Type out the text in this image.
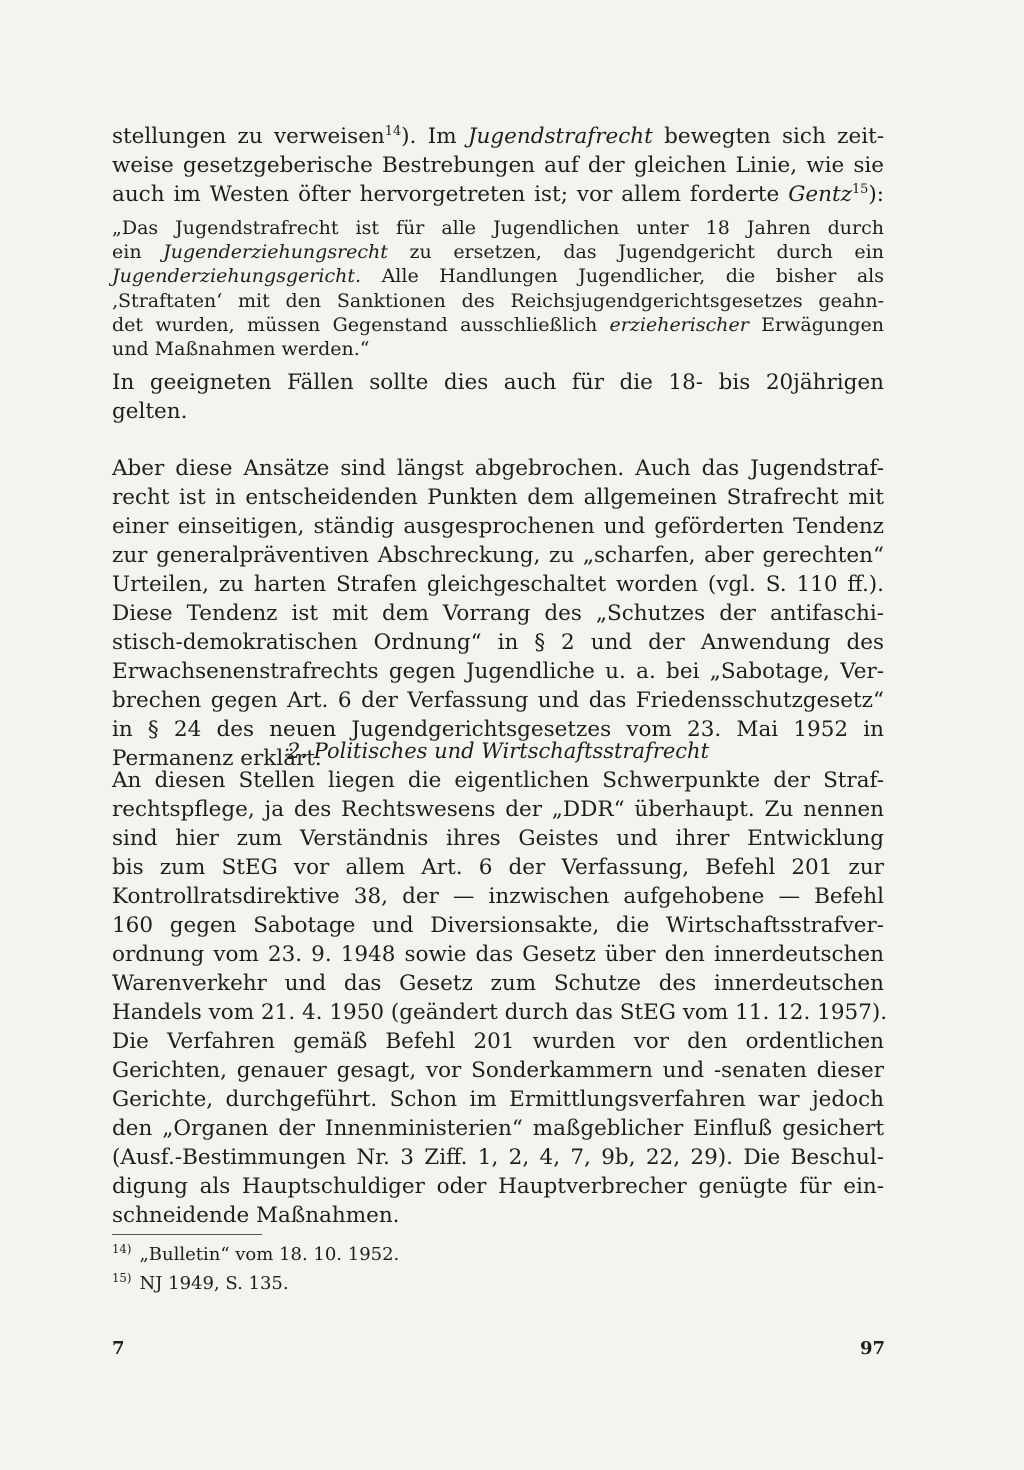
stellungen zu verweisen$^{14}$). Im Jugendstrafrecht bewegten sich zeit-
weise gesetzgeberische Bestrebungen auf der gleichen Linie, wie sie
auch im Westen öfter hervorgetreten ist; vor allem forderte Gentz$^{15}$):
„Das Jugendstrafrecht ist für alle Jugendlichen unter 18 Jahren durch
ein Jugenderziehungsrecht zu ersetzen, das Jugendgericht durch ein
Jugenderziehungsgericht. Alle Handlungen Jugendlicher, die bisher als
‚Straftaten‘ mit den Sanktionen des Reichsjugendgerichtsgesetzes geahn-
det wurden, müssen Gegenstand ausschließlich erzieherischer Erwägungen
und Maßnahmen werden.“
In geeigneten Fällen sollte dies auch für die 18- bis 20jährigen
gelten.
Aber diese Ansätze sind längst abgebrochen. Auch das Jugendstraf-
recht ist in entscheidenden Punkten dem allgemeinen Strafrecht mit
einer einseitigen, ständig ausgesprochenen und geförderten Tendenz
zur generalpräventiven Abschreckung, zu „scharfen, aber gerechten“
Urteilen, zu harten Strafen gleichgeschaltet worden (vgl. S. 110 ff.).
Diese Tendenz ist mit dem Vorrang des „Schutzes der antifaschi-
stisch-demokratischen Ordnung“ in § 2 und der Anwendung des
Erwachsenenstrafrechts gegen Jugendliche u. a. bei „Sabotage, Ver-
brechen gegen Art. 6 der Verfassung und das Friedensschutzgesetz“
in § 24 des neuen Jugendgerichtsgesetzes vom 23. Mai 1952 in
Permanenz erklärt.
2. Politisches und Wirtschaftsstrafrecht
An diesen Stellen liegen die eigentlichen Schwerpunkte der Straf-
rechtspflege, ja des Rechtswesens der „DDR“ überhaupt. Zu nennen
sind hier zum Verständnis ihres Geistes und ihrer Entwicklung
bis zum StEG vor allem Art. 6 der Verfassung, Befehl 201 zur
Kontrollratsdirektive 38, der — inzwischen aufgehobene — Befehl
160 gegen Sabotage und Diversionsakte, die Wirtschaftsstrafver-
ordnung vom 23. 9. 1948 sowie das Gesetz über den innerdeutschen
Warenverkehr und das Gesetz zum Schutze des innerdeutschen
Handels vom 21. 4. 1950 (geändert durch das StEG vom 11. 12. 1957).
Die Verfahren gemäß Befehl 201 wurden vor den ordentlichen
Gerichten, genauer gesagt, vor Sonderkammern und -senaten dieser
Gerichte, durchgeführt. Schon im Ermittlungsverfahren war jedoch
den „Organen der Innenministerien“ maßgeblicher Einfluß gesichert
(Ausf.-Bestimmungen Nr. 3 Ziff. 1, 2, 4, 7, 9b, 22, 29). Die Beschul-
digung als Hauptschuldiger oder Hauptverbrecher genügte für ein-
schneidende Maßnahmen.
$^{14)}$ „Bulletin“ vom 18. 10. 1952.
$^{15)}$ NJ 1949, S. 135.
7	97
